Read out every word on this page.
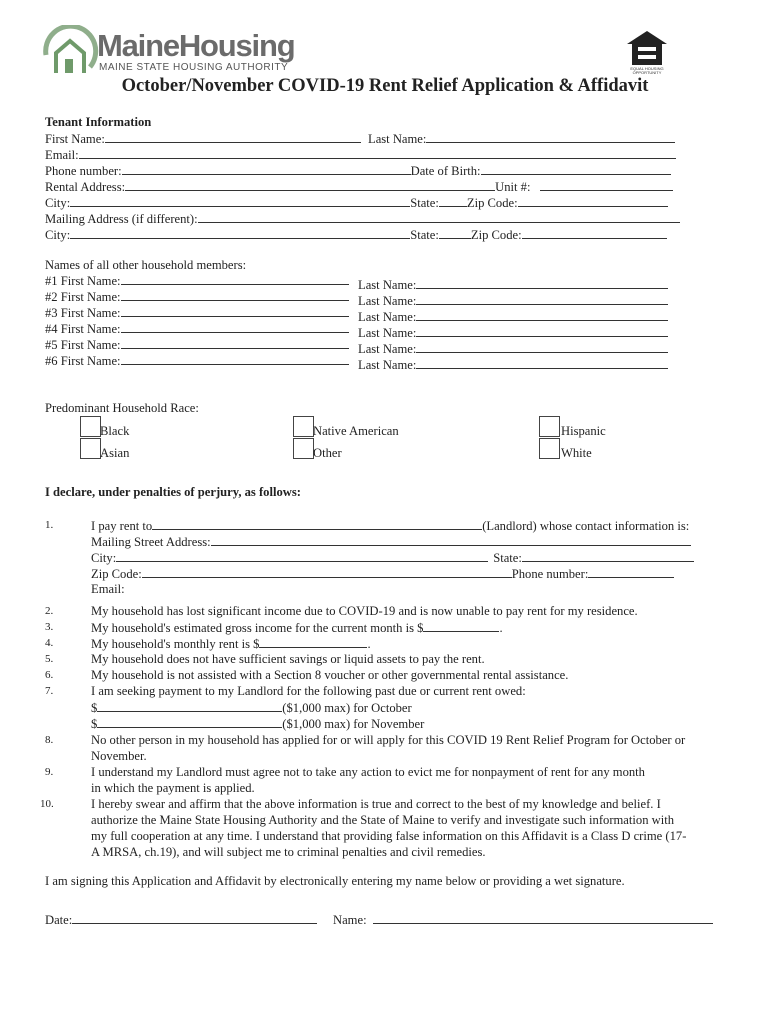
MaineHousing
MAINE STATE HOUSING AUTHORITY	EQUAL HOUSING OPPORTUNITY
October/November COVID-19 Rent Relief Application & Affidavit
Tenant Information
First Name:	Last Name:
Email:
Phone number:	Date of Birth:
Rental Address:	Unit #:
City:	State: Zip Code:
Mailing Address (if different):
City:	State:	Zip Code:
Names of all other household members:
#1 First Name:	Last Name:
#2 First Name:	Last Name:
#3 First Name:	Last Name:
#4 First Name:	Last Name:
#5 First Name:	Last Name:
#6 First Name:	Last Name:
Predominant Household Race:
Black	Native American	Hispanic
Asian	Other	White
I declare, under penalties of perjury, as follows:
1.	I pay rent to	(Landlord) whose contact information is:
Mailing Street Address:
City:	State:
Zip Code:	Phone number:
Email:
2.	My household has lost significant income due to COVID-19 and is now unable to pay rent for my residence.
3.	My household's estimated gross income for the current month is $	.
4.	My household's monthly rent is $	.
5.	My household does not have sufficient savings or liquid assets to pay the rent.
6.	My household is not assisted with a Section 8 voucher or other governmental rental assistance.
7.	I am seeking payment to my Landlord for the following past due or current rent owed:
$	($1,000 max) for October
$	($1,000 max) for November
8.	No other person in my household has applied for or will apply for this COVID 19 Rent Relief Program for October or
November.
9.	I understand my Landlord must agree not to take any action to evict me for nonpayment of rent for any month
in which the payment is applied.
10.	I hereby swear and affirm that the above information is true and correct to the best of my knowledge and belief. I
authorize the Maine State Housing Authority and the State of Maine to verify and investigate such information with
my full cooperation at any time. I understand that providing false information on this Affidavit is a Class D crime (17-
A MRSA, ch.19), and will subject me to criminal penalties and civil remedies.
I am signing this Application and Affidavit by electronically entering my name below or providing a wet signature.
Date:	Name:
